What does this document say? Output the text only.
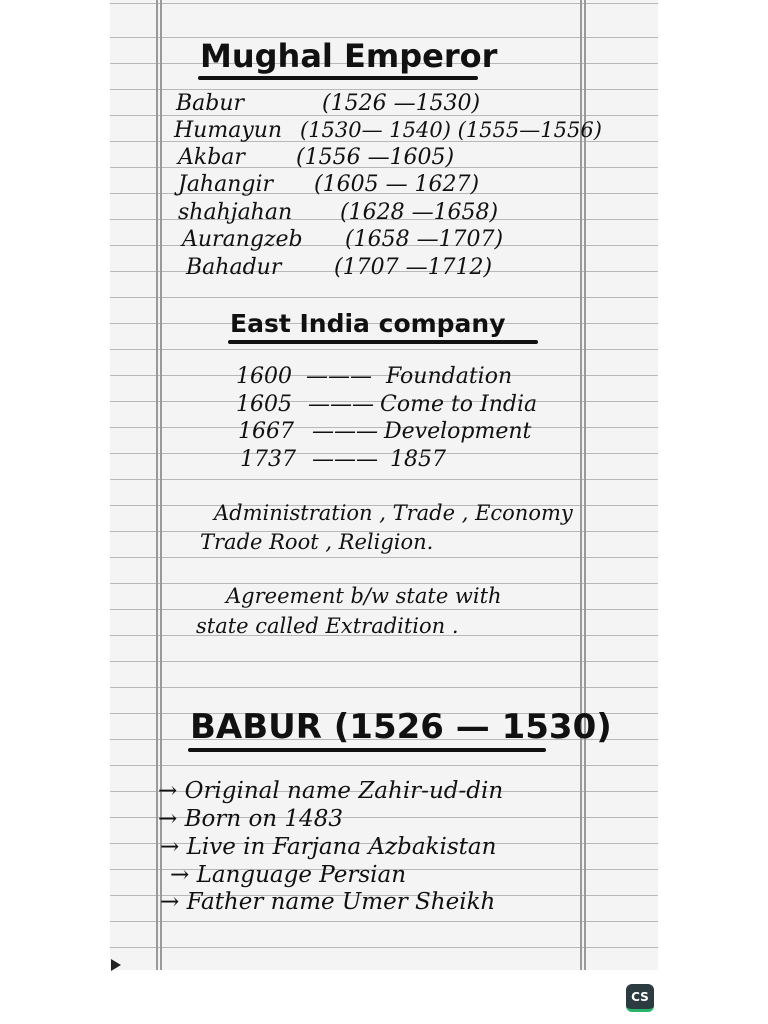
Mughal Emperor
Babur	(1526 —1530)
Humayun (1530— 1540) (1555—1556)
Akbar (1556 —1605)
Jahangir (1605 — 1627)
shahjahan (1628 —1658)
Aurangzeb (1658 —1707)
Bahadur (1707 —1712)
East India company
1600 ——— Foundation
1605 ——— Come to India
1667 ——— Development
1737 ——— 1857
Administration , Trade , Economy
Trade Root , Religion.
Agreement b/w state with
state called Extradition .
BABUR (1526 — 1530)
→ Original name Zahir-ud-din
→ Born on 1483
→ Live in Farjana Azbakistan
→ Language Persian
→ Father name Umer Sheikh
CS
